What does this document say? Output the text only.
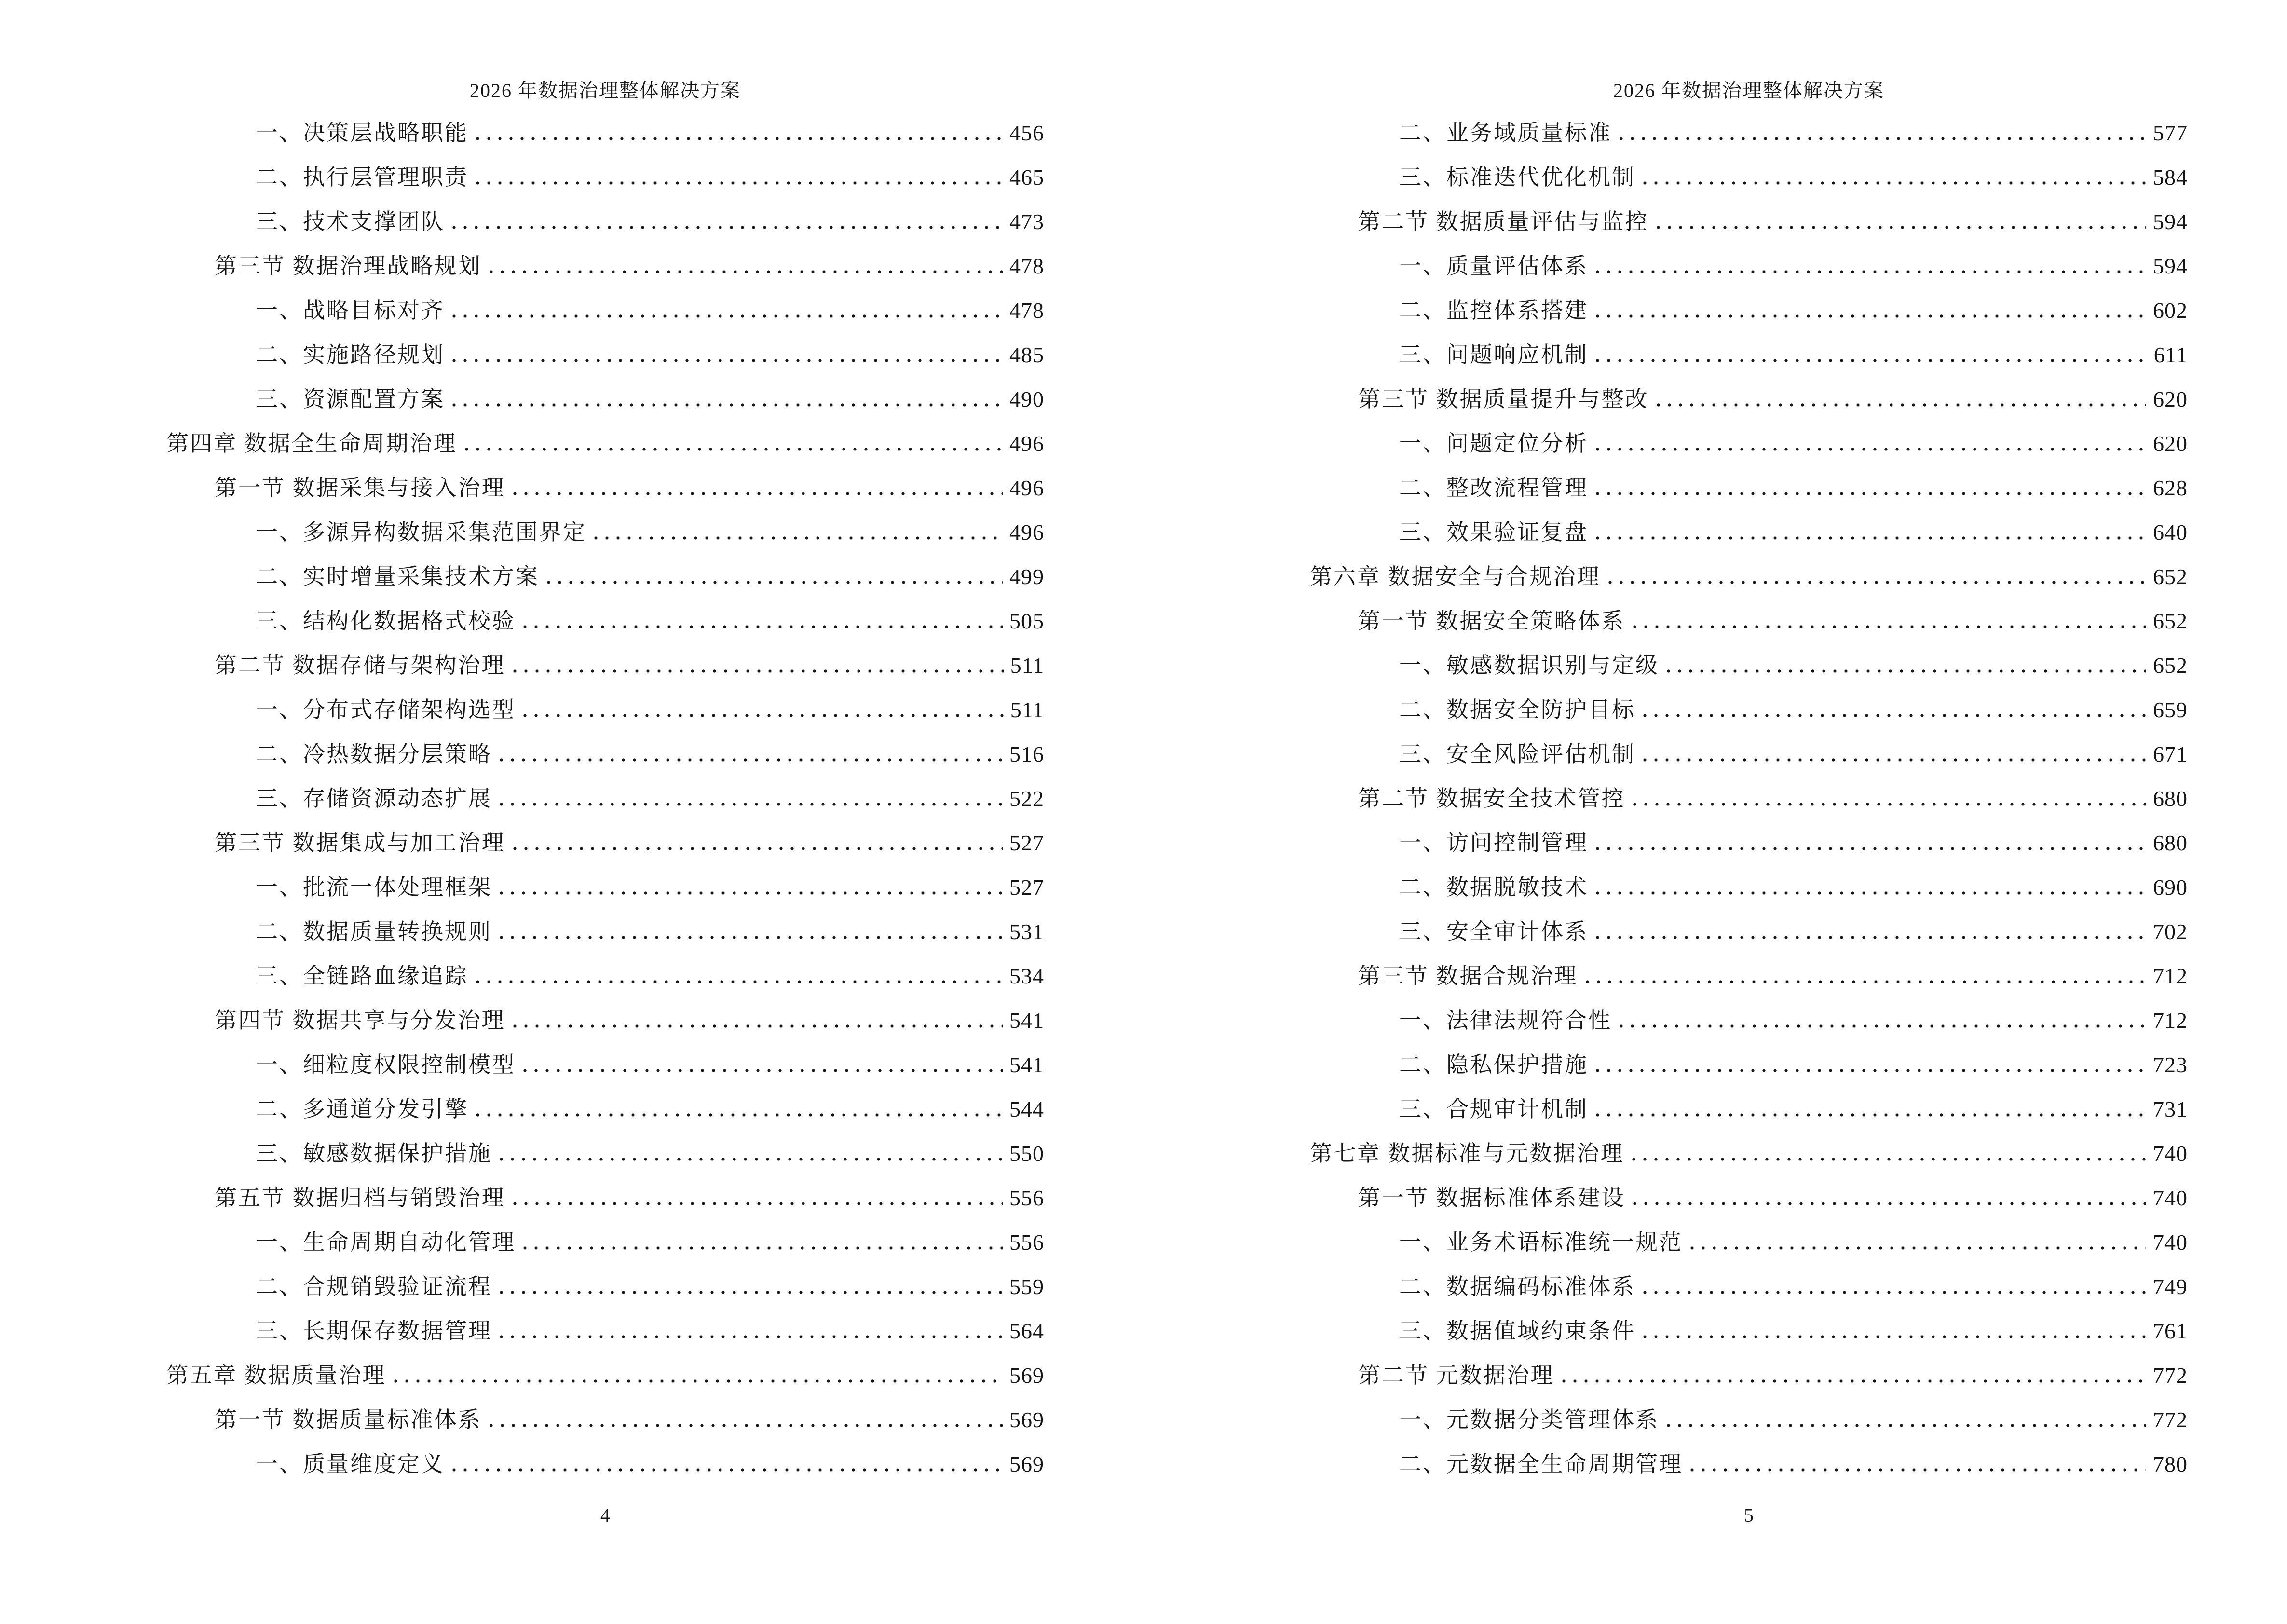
2026 年数据治理整体解决方案
一、决策层战略职能	456
二、执行层管理职责	465
三、技术支撑团队	473
第三节 数据治理战略规划	478
一、战略目标对齐	478
二、实施路径规划	485
三、资源配置方案	490
第四章 数据全生命周期治理	496
第一节 数据采集与接入治理	496
一、多源异构数据采集范围界定	496
二、实时增量采集技术方案	499
三、结构化数据格式校验	505
第二节 数据存储与架构治理	511
一、分布式存储架构选型	511
二、冷热数据分层策略	516
三、存储资源动态扩展	522
第三节 数据集成与加工治理	527
一、批流一体处理框架	527
二、数据质量转换规则	531
三、全链路血缘追踪	534
第四节 数据共享与分发治理	541
一、细粒度权限控制模型	541
二、多通道分发引擎	544
三、敏感数据保护措施	550
第五节 数据归档与销毁治理	556
一、生命周期自动化管理	556
二、合规销毁验证流程	559
三、长期保存数据管理	564
第五章 数据质量治理	569
第一节 数据质量标准体系	569
一、质量维度定义	569
4
2026 年数据治理整体解决方案
二、业务域质量标准	577
三、标准迭代优化机制	584
第二节 数据质量评估与监控	594
一、质量评估体系	594
二、监控体系搭建	602
三、问题响应机制	611
第三节 数据质量提升与整改	620
一、问题定位分析	620
二、整改流程管理	628
三、效果验证复盘	640
第六章 数据安全与合规治理	652
第一节 数据安全策略体系	652
一、敏感数据识别与定级	652
二、数据安全防护目标	659
三、安全风险评估机制	671
第二节 数据安全技术管控	680
一、访问控制管理	680
二、数据脱敏技术	690
三、安全审计体系	702
第三节 数据合规治理	712
一、法律法规符合性	712
二、隐私保护措施	723
三、合规审计机制	731
第七章 数据标准与元数据治理	740
第一节 数据标准体系建设	740
一、业务术语标准统一规范	740
二、数据编码标准体系	749
三、数据值域约束条件	761
第二节 元数据治理	772
一、元数据分类管理体系	772
二、元数据全生命周期管理	780
5
